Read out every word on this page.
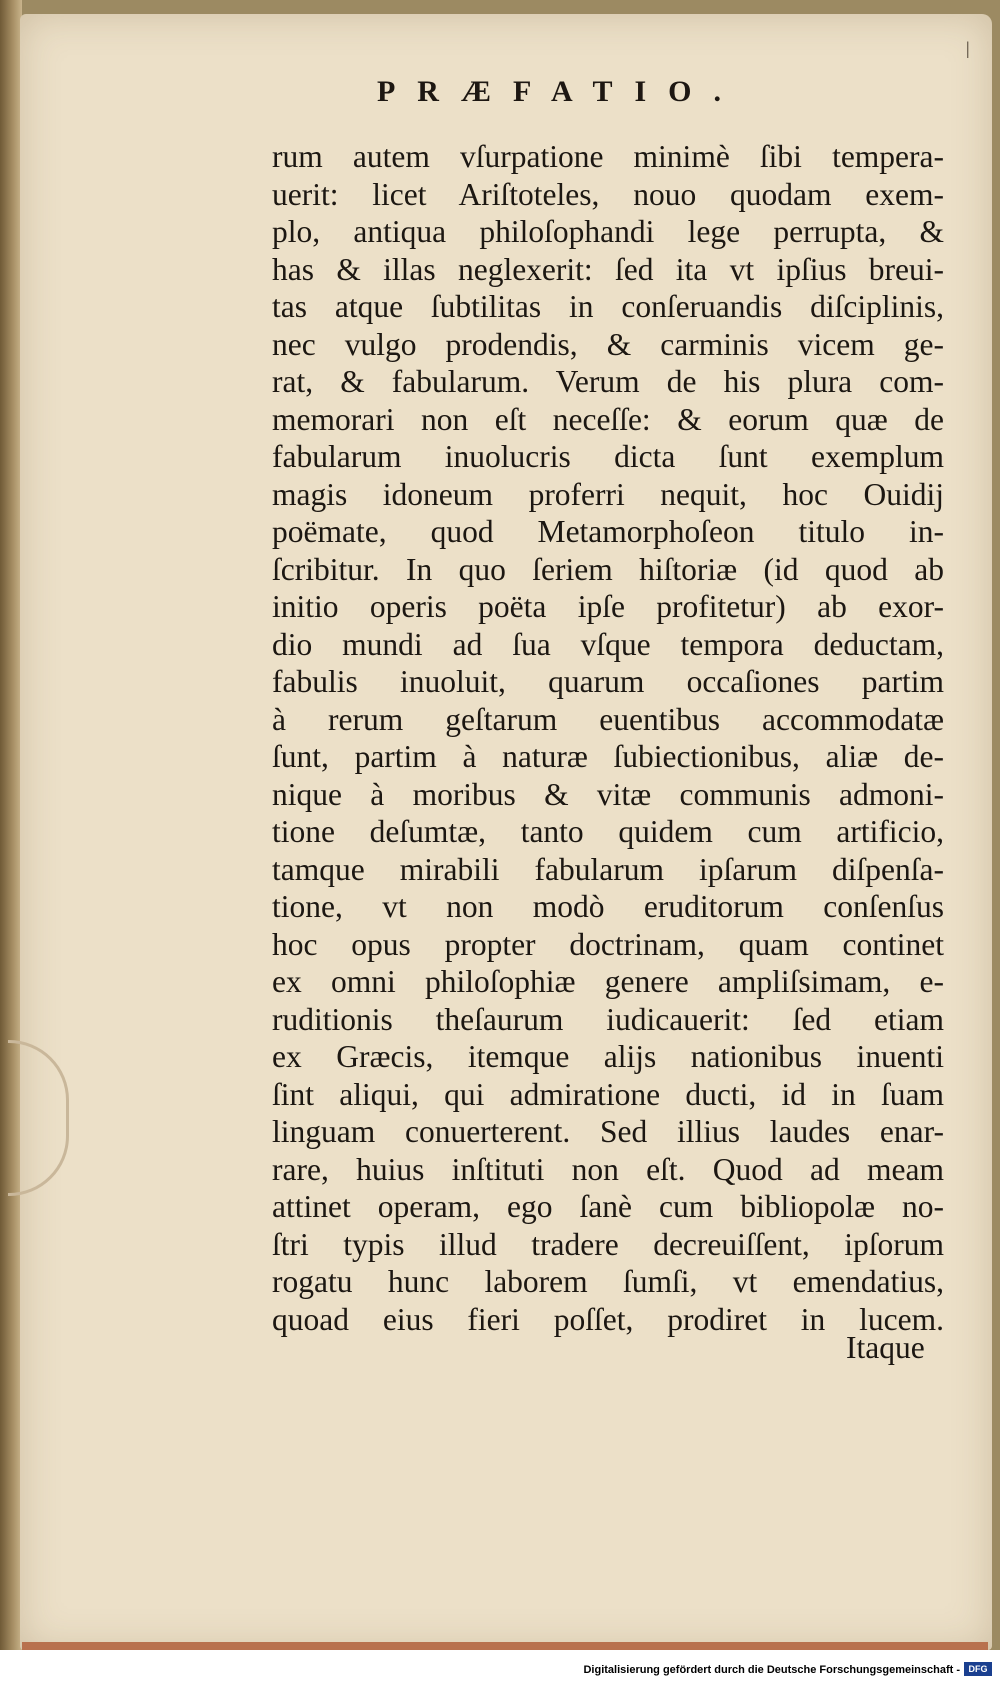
|
PRÆFATIO.
rum autem vſurpatione minimè ſibi tempera-
uerit: licet Ariſtoteles, nouo quodam exem-
plo, antiqua philoſophandi lege perrupta, &
has & illas neglexerit: ſed ita vt ipſius breui-
tas atque ſubtilitas in conſeruandis diſciplinis,
nec vulgo prodendis, & carminis vicem ge-
rat, & fabularum. Verum de his plura com-
memorari non eſt neceſſe: & eorum quæ de
fabularum inuolucris dicta ſunt exemplum
magis idoneum proferri nequit, hoc Ouidij
poëmate, quod Metamorphoſeon titulo in-
ſcribitur. In quo ſeriem hiſtoriæ (id quod ab
initio operis poëta ipſe profitetur) ab exor-
dio mundi ad ſua vſque tempora deductam,
fabulis inuoluit, quarum occaſiones partim
à rerum geſtarum euentibus accommodatæ
ſunt, partim à naturæ ſubiectionibus, aliæ de-
nique à moribus & vitæ communis admoni-
tione deſumtæ, tanto quidem cum artificio,
tamque mirabili fabularum ipſarum diſpenſa-
tione, vt non modò eruditorum conſenſus
hoc opus propter doctrinam, quam continet
ex omni philoſophiæ genere ampliſsimam, e-
ruditionis theſaurum iudicauerit: ſed etiam
ex Græcis, itemque alijs nationibus inuenti
ſint aliqui, qui admiratione ducti, id in ſuam
linguam conuerterent. Sed illius laudes enar-
rare, huius inſtituti non eſt. Quod ad meam
attinet operam, ego ſanè cum bibliopolæ no-
ſtri typis illud tradere decreuiſſent, ipſorum
rogatu hunc laborem ſumſi, vt emendatius,
quoad eius fieri poſſet, prodiret in lucem.
Itaque
Digitalisierung gefördert durch die Deutsche Forschungsgemeinschaft - DFG
